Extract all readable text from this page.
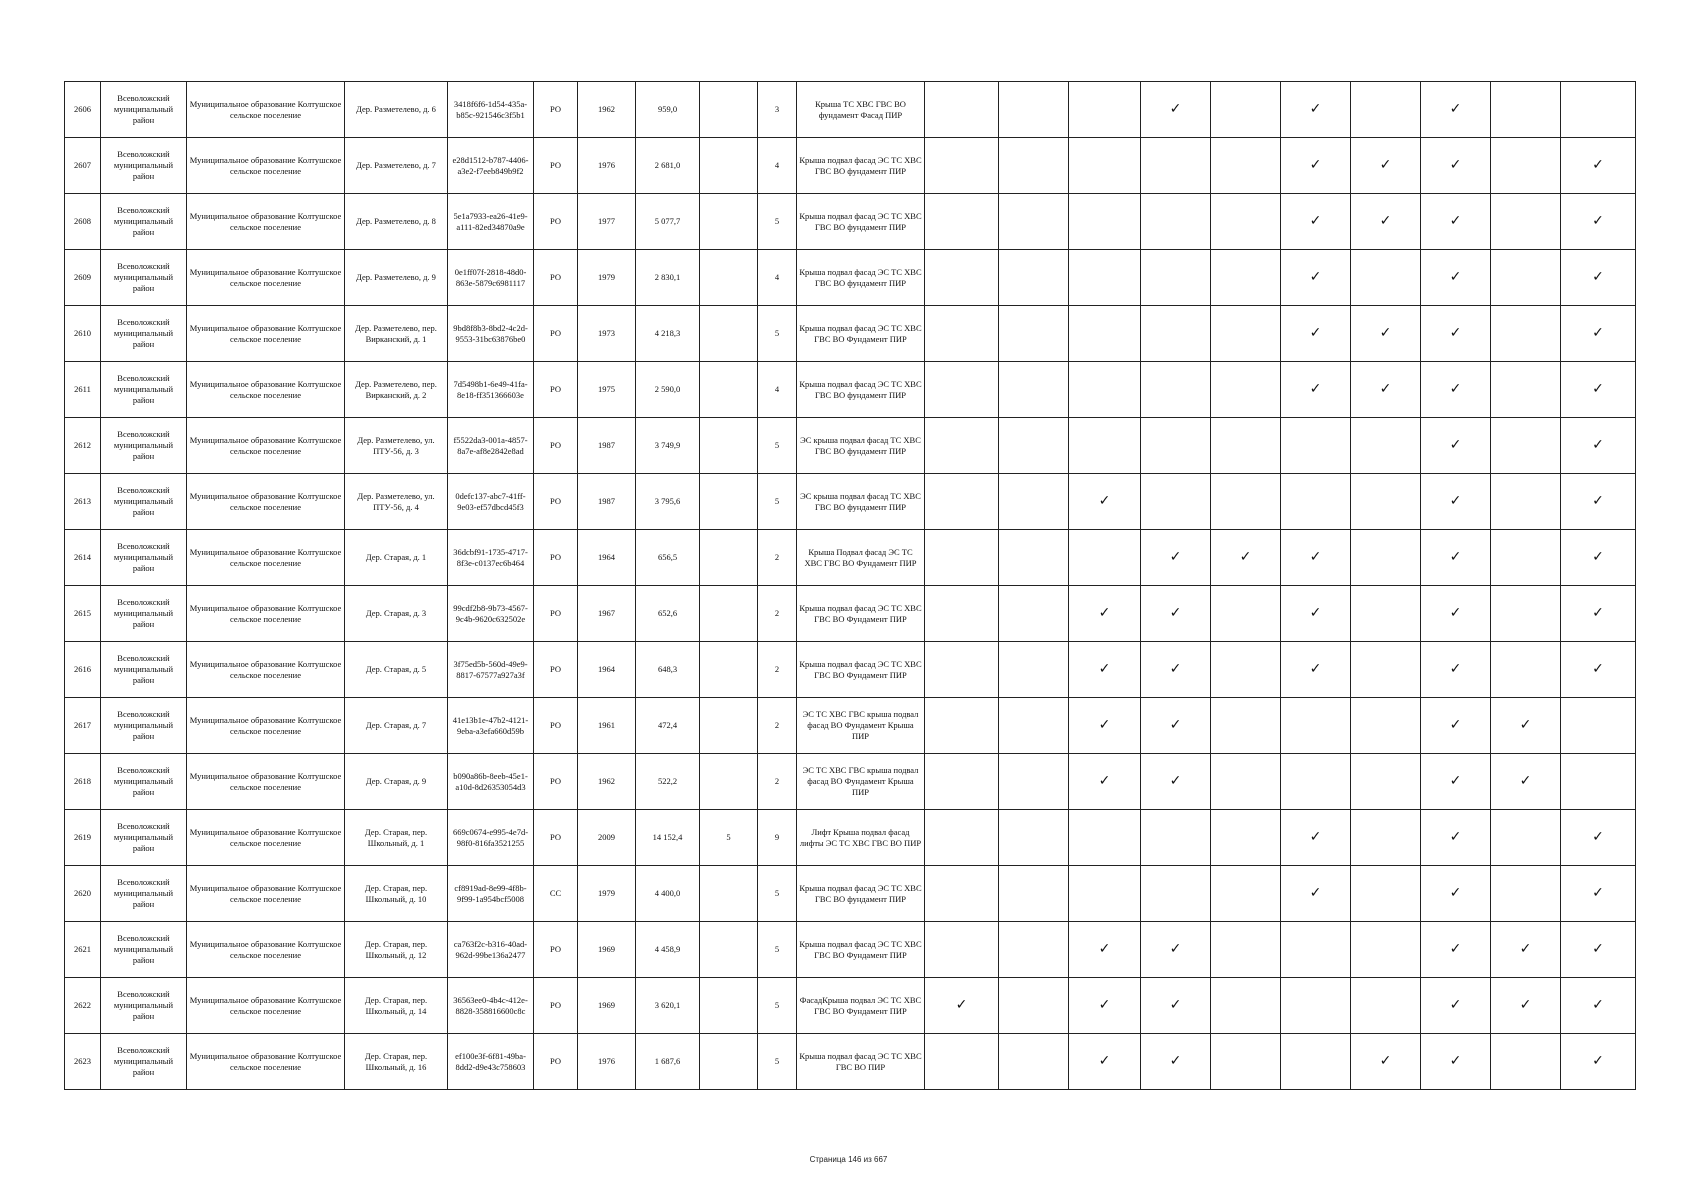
2606	Всеволожский муниципальный район	Муниципальное образование Колтушское сельское поселение	Дер. Разметелево, д. 6	3418f6f6-1d54-435a-b85c-921546c3f5b1	РО	1962	959,0		3	Крыша ТС ХВС ГВС ВО фундамент Фасад ПИР				✓		✓		✓		
2607	Всеволожский муниципальный район	Муниципальное образование Колтушское сельское поселение	Дер. Разметелево, д. 7	e28d1512-b787-4406-a3e2-f7eeb849b9f2	РО	1976	2 681,0		4	Крыша подвал фасад ЭС ТС ХВС ГВС ВО фундамент ПИР						✓	✓	✓		✓
2608	Всеволожский муниципальный район	Муниципальное образование Колтушское сельское поселение	Дер. Разметелево, д. 8	5e1a7933-ea26-41e9-a111-82ed34870a9e	РО	1977	5 077,7		5	Крыша подвал фасад ЭС ТС ХВС ГВС ВО фундамент ПИР						✓	✓	✓		✓
2609	Всеволожский муниципальный район	Муниципальное образование Колтушское сельское поселение	Дер. Разметелево, д. 9	0e1ff07f-2818-48d0-863e-5879c6981117	РО	1979	2 830,1		4	Крыша подвал фасад ЭС ТС ХВС ГВС ВО фундамент ПИР						✓		✓		✓
2610	Всеволожский муниципальный район	Муниципальное образование Колтушское сельское поселение	Дер. Разметелево, пер. Вирканский, д. 1	9bd8f8b3-8bd2-4c2d-9553-31bc63876be0	РО	1973	4 218,3		5	Крыша подвал фасад ЭС ТС ХВС ГВС ВО Фундамент ПИР						✓	✓	✓		✓
2611	Всеволожский муниципальный район	Муниципальное образование Колтушское сельское поселение	Дер. Разметелево, пер. Вирканский, д. 2	7d5498b1-6e49-41fa-8e18-ff351366603e	РО	1975	2 590,0		4	Крыша подвал фасад ЭС ТС ХВС ГВС ВО фундамент ПИР						✓	✓	✓		✓
2612	Всеволожский муниципальный район	Муниципальное образование Колтушское сельское поселение	Дер. Разметелево, ул. ПТУ-56, д. 3	f5522da3-001a-4857-8a7e-af8e2842e8ad	РО	1987	3 749,9		5	ЭС крыша подвал фасад ТС ХВС ГВС ВО фундамент ПИР								✓		✓
2613	Всеволожский муниципальный район	Муниципальное образование Колтушское сельское поселение	Дер. Разметелево, ул. ПТУ-56, д. 4	0defc137-abc7-41ff-9e03-ef57dbcd45f3	РО	1987	3 795,6		5	ЭС крыша подвал фасад ТС ХВС ГВС ВО фундамент ПИР			✓					✓		✓
2614	Всеволожский муниципальный район	Муниципальное образование Колтушское сельское поселение	Дер. Старая, д. 1	36dcbf91-1735-4717-8f3e-c0137ec6b464	РО	1964	656,5		2	Крыша Подвал фасад ЭС ТС ХВС ГВС ВО Фундамент ПИР				✓	✓	✓		✓		✓
2615	Всеволожский муниципальный район	Муниципальное образование Колтушское сельское поселение	Дер. Старая, д. 3	99cdf2b8-9b73-4567-9c4b-9620c632502e	РО	1967	652,6		2	Крыша подвал фасад ЭС ТС ХВС ГВС ВО Фундамент ПИР			✓	✓		✓		✓		✓
2616	Всеволожский муниципальный район	Муниципальное образование Колтушское сельское поселение	Дер. Старая, д. 5	3f75ed5b-560d-49e9-8817-67577a927a3f	РО	1964	648,3		2	Крыша подвал фасад ЭС ТС ХВС ГВС ВО Фундамент ПИР			✓	✓		✓		✓		✓
2617	Всеволожский муниципальный район	Муниципальное образование Колтушское сельское поселение	Дер. Старая, д. 7	41e13b1e-47b2-4121-9eba-a3efa660d59b	РО	1961	472,4		2	ЭС ТС ХВС ГВС крыша подвал фасад ВО Фундамент Крыша ПИР			✓	✓				✓	✓	
2618	Всеволожский муниципальный район	Муниципальное образование Колтушское сельское поселение	Дер. Старая, д. 9	b090a86b-8eeb-45e1-a10d-8d26353054d3	РО	1962	522,2		2	ЭС ТС ХВС ГВС крыша подвал фасад ВО Фундамент Крыша ПИР			✓	✓				✓	✓	
2619	Всеволожский муниципальный район	Муниципальное образование Колтушское сельское поселение	Дер. Старая, пер. Школьный, д. 1	669c0674-e995-4e7d-98f0-816fa3521255	РО	2009	14 152,4	5	9	Лифт Крыша подвал фасад лифты ЭС ТС ХВС ГВС ВО ПИР						✓		✓		✓
2620	Всеволожский муниципальный район	Муниципальное образование Колтушское сельское поселение	Дер. Старая, пер. Школьный, д. 10	cf8919ad-8e99-4f8b-9f99-1a954bcf5008	СС	1979	4 400,0		5	Крыша подвал фасад ЭС ТС ХВС ГВС ВО фундамент ПИР						✓		✓		✓
2621	Всеволожский муниципальный район	Муниципальное образование Колтушское сельское поселение	Дер. Старая, пер. Школьный, д. 12	ca763f2c-b316-40ad-962d-99be136a2477	РО	1969	4 458,9		5	Крыша подвал фасад ЭС ТС ХВС ГВС ВО Фундамент ПИР			✓	✓				✓	✓	✓
2622	Всеволожский муниципальный район	Муниципальное образование Колтушское сельское поселение	Дер. Старая, пер. Школьный, д. 14	36563ee0-4b4c-412e-8828-358816600c8c	РО	1969	3 620,1		5	ФасадКрыша подвал ЭС ТС ХВС ГВС ВО Фундамент ПИР	✓		✓	✓				✓	✓	✓
2623	Всеволожский муниципальный район	Муниципальное образование Колтушское сельское поселение	Дер. Старая, пер. Школьный, д. 16	ef100e3f-6f81-49ba-8dd2-d9e43c758603	РО	1976	1 687,6		5	Крыша подвал фасад ЭС ТС ХВС ГВС ВО ПИР			✓	✓			✓	✓		✓
Страница 146 из 667
